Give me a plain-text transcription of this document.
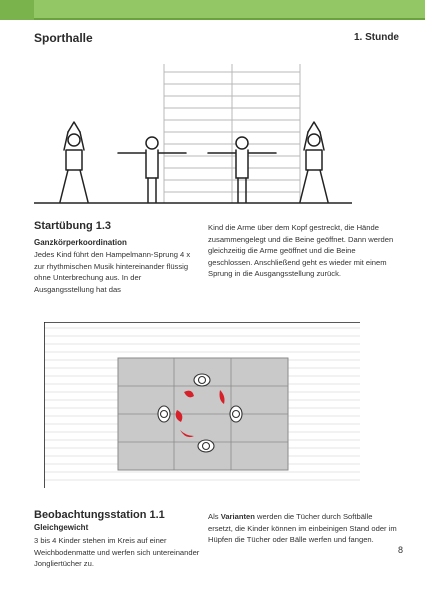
Sporthalle	1. Stunde
Startübung 1.3
Ganzkörperkoordination
Jedes Kind führt den Hampelmann-Sprung 4 x zur rhythmischen Musik hintereinander flüssig ohne Unterbrechung aus. In der Ausgangsstellung hat das
Kind die Arme über dem Kopf gestreckt, die Hände zusammengelegt und die Beine geöffnet. Dann werden gleichzeitig die Arme geöffnet und die Beine geschlossen. Anschließend geht es wieder mit einem Sprung in die Ausgangsstellung zurück.
Beobachtungsstation 1.1
Gleichgewicht
3 bis 4 Kinder stehen im Kreis auf einer Weichbodenmatte und werfen sich untereinander Jongliertücher zu.
Als Varianten werden die Tücher durch Softbälle ersetzt, die Kinder können im einbeinigen Stand oder im Hüpfen die Tücher oder Bälle werfen und fangen.
8
